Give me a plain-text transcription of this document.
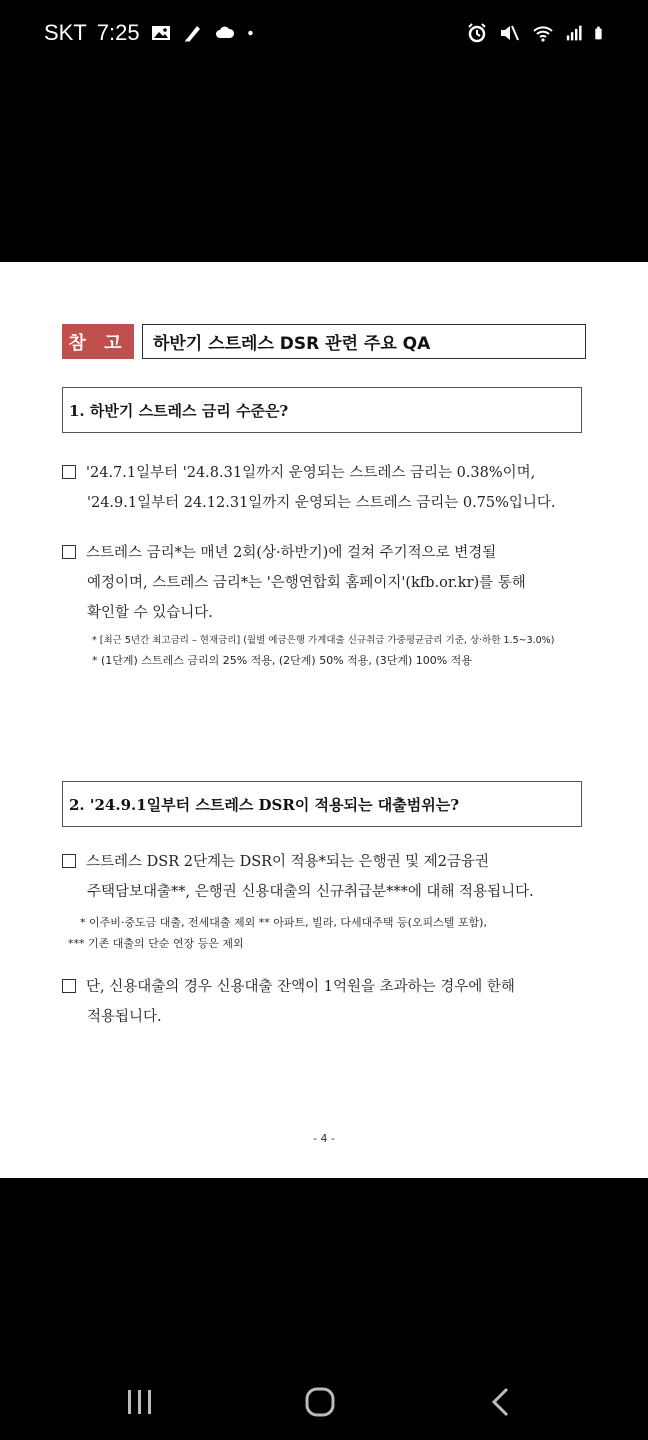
SKT 7:25
참 고	하반기 스트레스 DSR 관련 주요 QA
1. 하반기 스트레스 금리 수준은?
'24.7.1일부터 '24.8.31일까지 운영되는 스트레스 금리는 0.38%이며,
'24.9.1일부터 24.12.31일까지 운영되는 스트레스 금리는 0.75%입니다.
스트레스 금리*는 매년 2회(상·하반기)에 걸쳐 주기적으로 변경될
예정이며, 스트레스 금리*는 '은행연합회 홈페이지'(kfb.or.kr)를 통해
확인할 수 있습니다.
* [최근 5년간 최고금리 – 현재금리] (월별 예금은행 가계대출 신규취급 가중평균금리 기준, 상·하한 1.5~3.0%)
* (1단계) 스트레스 금리의 25% 적용, (2단계) 50% 적용, (3단계) 100% 적용
2. '24.9.1일부터 스트레스 DSR이 적용되는 대출범위는?
스트레스 DSR 2단계는 DSR이 적용*되는 은행권 및 제2금융권
주택담보대출**, 은행권 신용대출의 신규취급분***에 대해 적용됩니다.
* 이주비·중도금 대출, 전세대출 제외 ** 아파트, 빌라, 다세대주택 등(오피스텔 포함),
*** 기존 대출의 단순 연장 등은 제외
단, 신용대출의 경우 신용대출 잔액이 1억원을 초과하는 경우에 한해
적용됩니다.
- 4 -
